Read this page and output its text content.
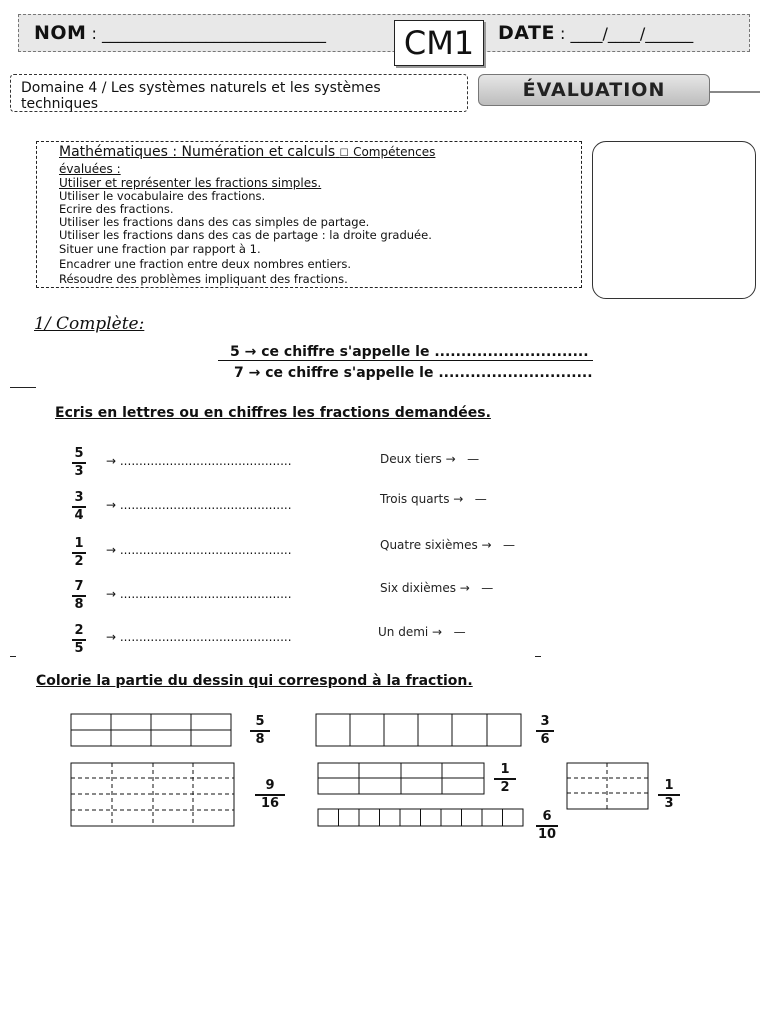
NOM : ____________________________	DATE : ____/____/______
CM1
Domaine 4 / Les systèmes naturels et les systèmes techniques
ÉVALUATION
Mathématiques : Numération et calculs ☐ Compétences
évaluées :
Utiliser et représenter les fractions simples.
Utiliser le vocabulaire des fractions.
Ecrire des fractions.
Utiliser les fractions dans des cas simples de partage.
Utiliser les fractions dans des cas de partage : la droite graduée.
Situer une fraction par rapport à 1.
Encadrer une fraction entre deux nombres entiers.
Résoudre des problèmes impliquant des fractions.
1/ Complète:
5 → ce chiffre s'appelle le .............................
7 → ce chiffre s'appelle le .............................
Ecris en lettres ou en chiffres les fractions demandées.
5
3
→ .............................................
3
4
→ .............................................
1
2
→ .............................................
7
8
→ .............................................
2
5
→ .............................................
Deux tiers → —
Trois quarts → —
Quatre sixièmes → —
Six dixièmes → —
Un demi → —
Colorie la partie du dessin qui correspond à la fraction.
5
8
3
6
9
16
1
2	1
3
6
10
